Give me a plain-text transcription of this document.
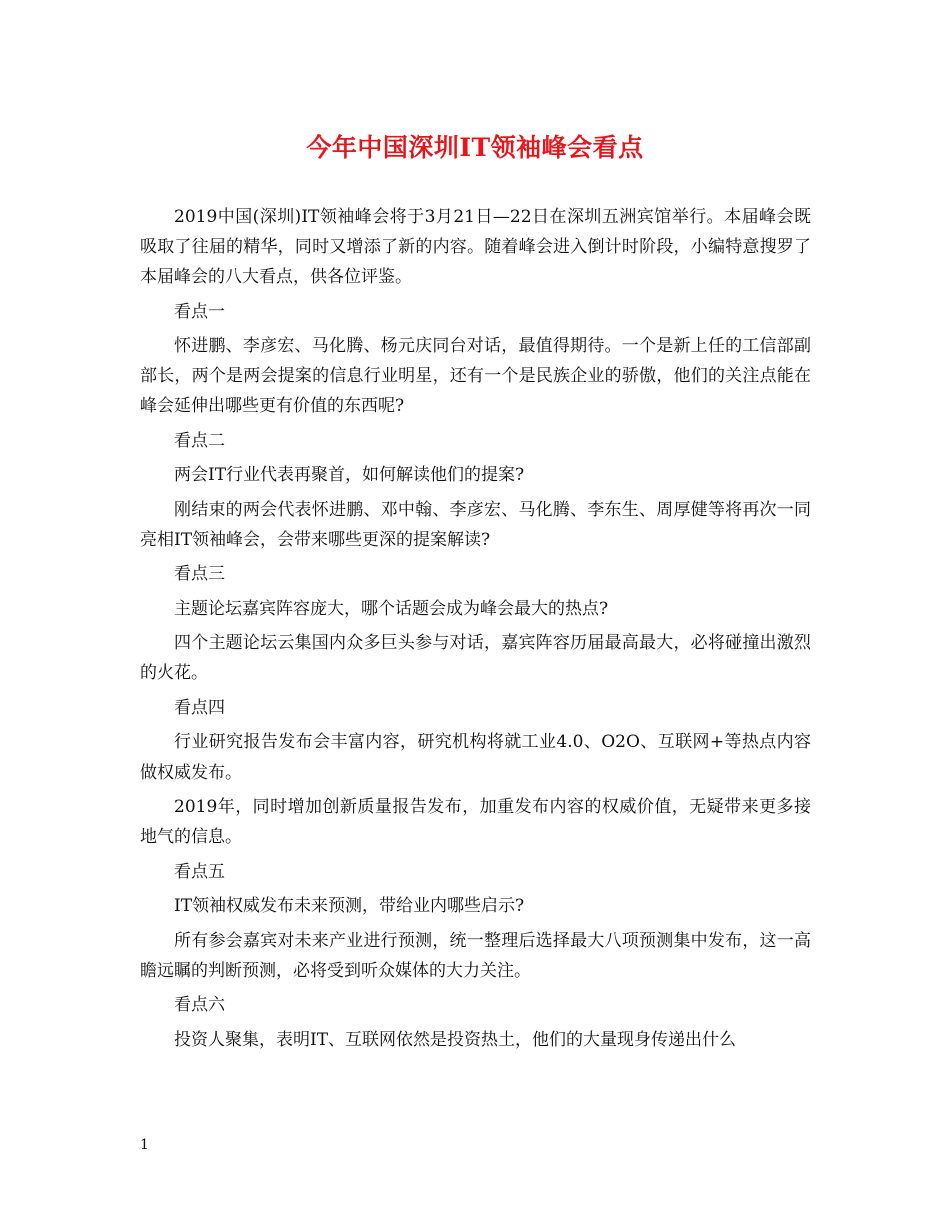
今年中国深圳IT领袖峰会看点

2019中国(深圳)IT领袖峰会将于3月21日—22日在深圳五洲宾馆举行。本届峰会既吸取了往届的精华，同时又增添了新的内容。随着峰会进入倒计时阶段，小编特意搜罗了本届峰会的八大看点，供各位评鉴。

看点一

怀进鹏、李彦宏、马化腾、杨元庆同台对话，最值得期待。一个是新上任的工信部副部长，两个是两会提案的信息行业明星，还有一个是民族企业的骄傲，他们的关注点能在峰会延伸出哪些更有价值的东西呢?

看点二

两会IT行业代表再聚首，如何解读他们的提案?

刚结束的两会代表怀进鹏、邓中翰、李彦宏、马化腾、李东生、周厚健等将再次一同亮相IT领袖峰会，会带来哪些更深的提案解读?

看点三

主题论坛嘉宾阵容庞大，哪个话题会成为峰会最大的热点?

四个主题论坛云集国内众多巨头参与对话，嘉宾阵容历届最高最大，必将碰撞出激烈的火花。

看点四

行业研究报告发布会丰富内容，研究机构将就工业4.0、O2O、互联网+等热点内容做权威发布。

2019年，同时增加创新质量报告发布，加重发布内容的权威价值，无疑带来更多接地气的信息。

看点五

IT领袖权威发布未来预测，带给业内哪些启示?

所有参会嘉宾对未来产业进行预测，统一整理后选择最大八项预测集中发布，这一高瞻远瞩的判断预测，必将受到听众媒体的大力关注。

看点六

投资人聚集，表明IT、互联网依然是投资热土，他们的大量现身传递出什么

1
